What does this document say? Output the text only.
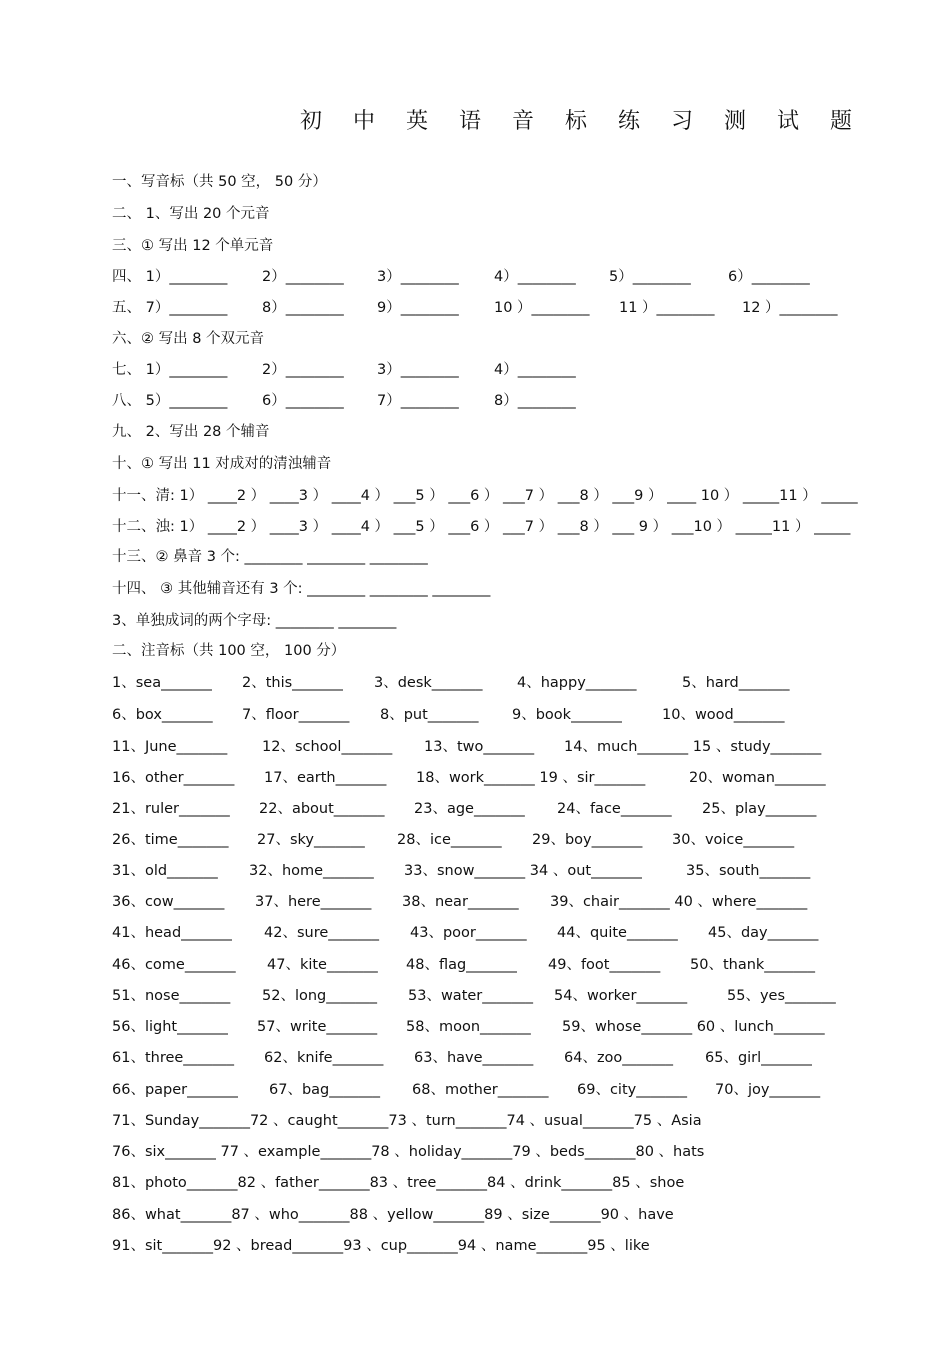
初中英语音标练习测试题
一、写音标（共 50 空， 50 分）
二、 1、写出 20 个元音
三、① 写出 12 个单元音
四、 1）________ 2）________ 3）________ 4）________ 5）________	6）________
五、 7）________ 8）________ 9）________ 10 ）________ 11 ）________ 12 ）________
六、② 写出 8 个双元音
七、 1）________ 2）________ 3）________ 4）________
八、 5）________ 6）________ 7）________ 8）________
九、 2、写出 28 个辅音
十、① 写出 11 对成对的清浊辅音
十一、清: 1） ____2 ） ____3 ） ____4 ） ___5 ） ___6 ） ___7 ） ___8 ） ___9 ） ____ 10 ） _____11 ） _____
十二、浊: 1） ____2 ） ____3 ） ____4 ） ___5 ） ___6 ） ___7 ） ___8 ） ___ 9 ） ___10 ） _____11 ） _____
十三、② 鼻音 3 个: ________ ________ ________
十四、 ③ 其他辅音还有 3 个: ________ ________ ________
3、单独成词的两个字母: ________ ________
二、注音标（共 100 空， 100 分）
1、sea_______ 2、this_______ 3、desk_______ 4、happy_______	5、hard_______
6、box_______ 7、floor_______ 8、put_______ 9、book_______	10、wood_______
11、June_______ 12、school_______ 13、two_______ 14、much_______ 15 、study_______
16、other_______ 17、earth_______ 18、work_______ 19 、sir_______	20、woman_______
21、ruler_______ 22、about_______ 23、age_______ 24、face_______ 25、play_______
26、time_______ 27、sky_______ 28、ice_______ 29、boy_______ 30、voice_______
31、old_______ 32、home_______ 33、snow_______ 34 、out_______	35、south_______
36、cow_______ 37、here_______ 38、near_______ 39、chair_______ 40 、where_______
41、head_______ 42、sure_______ 43、poor_______ 44、quite_______ 45、day_______
46、come_______ 47、kite_______ 48、flag_______ 49、foot_______ 50、thank_______
51、nose_______ 52、long_______ 53、water_______ 54、worker_______	55、yes_______
56、light_______ 57、write_______ 58、moon_______ 59、whose_______ 60 、lunch_______
61、three_______ 62、knife_______ 63、have_______ 64、zoo_______ 65、girl_______
66、paper_______ 67、bag_______ 68、mother_______ 69、city_______ 70、joy_______
71、Sunday_______72 、caught_______73 、turn_______74 、usual_______75 、Asia
76、six_______ 77 、example_______78 、holiday_______79 、beds_______80 、hats
81、photo_______82 、father_______83 、tree_______84 、drink_______85 、shoe
86、what_______87 、who_______88 、yellow_______89 、size_______90 、have
91、sit_______92 、bread_______93 、cup_______94 、name_______95 、like
